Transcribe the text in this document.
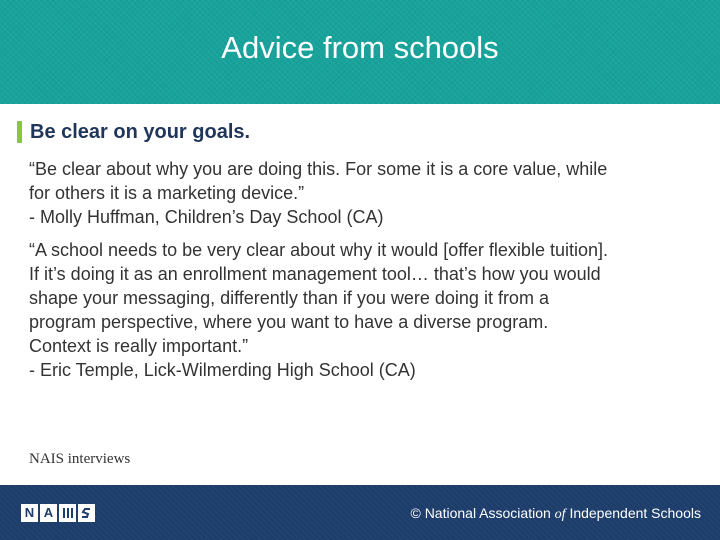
Advice from schools
Be clear on your goals.

“Be clear about why you are doing this. For some it is a core value, while

for others it is a marketing device.”

- Molly Huffman, Children’s Day School (CA)

“A school needs to be very clear about why it would [offer flexible tuition].

If it’s doing it as an enrollment management tool… that’s how you would

shape your messaging, differently than if you were doing it from a

program perspective, where you want to have a diverse program.

Context is really important.”

- Eric Temple, Lick-Wilmerding High School (CA)

NAIS interviews
N A	© National Association of Independent Schools
